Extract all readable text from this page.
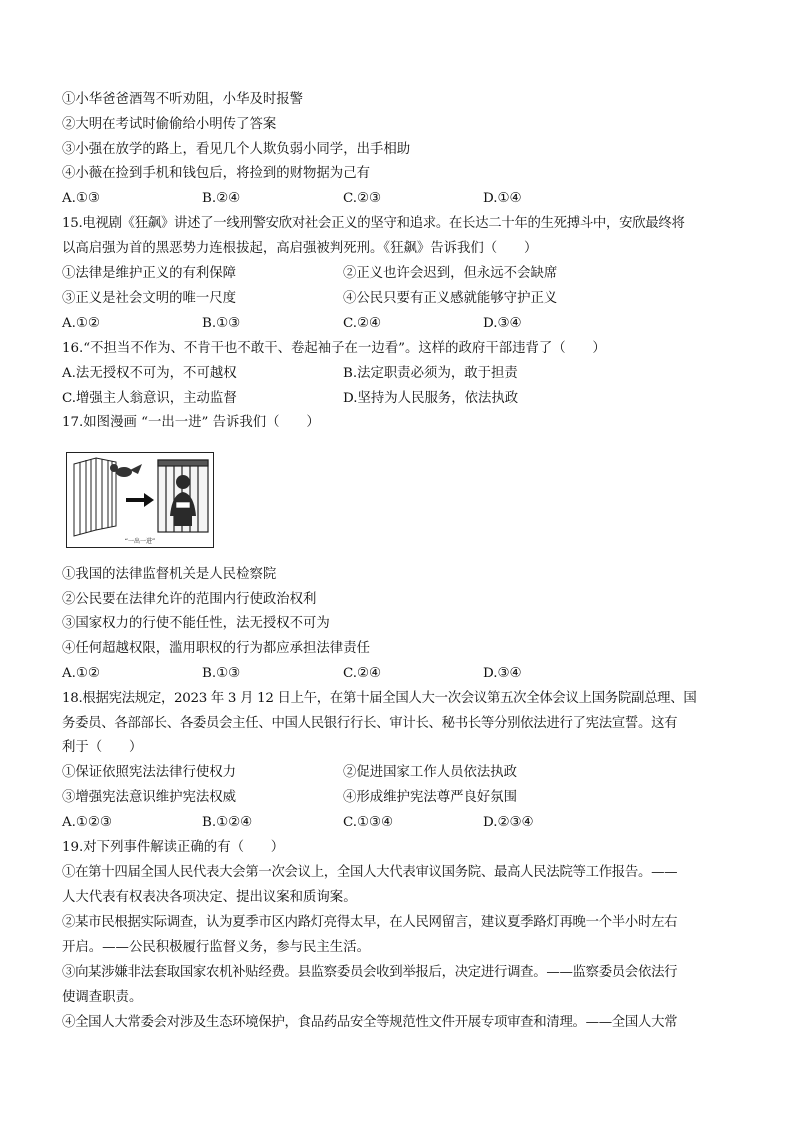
①小华爸爸酒驾不听劝阻，小华及时报警
②大明在考试时偷偷给小明传了答案
③小强在放学的路上，看见几个人欺负弱小同学，出手相助
④小薇在捡到手机和钱包后，将捡到的财物据为己有
A.①③	B.②④	C.②③	D.①④
15.电视剧《狂飙》讲述了一线刑警安欣对社会正义的坚守和追求。在长达二十年的生死搏斗中，安欣最终将
以高启强为首的黑恶势力连根拔起，高启强被判死刑。《狂飙》告诉我们（　　）
①法律是维护正义的有利保障	②正义也许会迟到，但永远不会缺席
③正义是社会文明的唯一尺度	④公民只要有正义感就能够守护正义
A.①②	B.①③	C.②④	D.③④
16.“不担当不作为、不肯干也不敢干、卷起袖子在一边看”。这样的政府干部违背了（　　）
A.法无授权不可为，不可越权	B.法定职责必须为，敢于担责
C.增强主人翁意识，主动监督	D.坚持为人民服务，依法执政
17.如图漫画 “一出一进” 告诉我们（　　）
“一出一进”
①我国的法律监督机关是人民检察院
②公民要在法律允许的范围内行使政治权利
③国家权力的行使不能任性，法无授权不可为
④任何超越权限，滥用职权的行为都应承担法律责任
A.①②	B.①③	C.②④	D.③④
18.根据宪法规定，2023 年 3 月 12 日上午，在第十届全国人大一次会议第五次全体会议上国务院副总理、国
务委员、各部部长、各委员会主任、中国人民银行行长、审计长、秘书长等分别依法进行了宪法宣誓。这有
利于（　　）
①保证依照宪法法律行使权力	②促进国家工作人员依法执政
③增强宪法意识维护宪法权威	④形成维护宪法尊严良好氛围
A.①②③	B.①②④	C.①③④	D.②③④
19.对下列事件解读正确的有（　　）
①在第十四届全国人民代表大会第一次会议上，全国人大代表审议国务院、最高人民法院等工作报告。——
人大代表有权表决各项决定、提出议案和质询案。
②某市民根据实际调查，认为夏季市区内路灯亮得太早，在人民网留言，建议夏季路灯再晚一个半小时左右
开启。——公民积极履行监督义务，参与民主生活。
③向某涉嫌非法套取国家农机补贴经费。县监察委员会收到举报后，决定进行调查。——监察委员会依法行
使调查职责。
④全国人大常委会对涉及生态环境保护，食品药品安全等规范性文件开展专项审查和清理。——全国人大常
